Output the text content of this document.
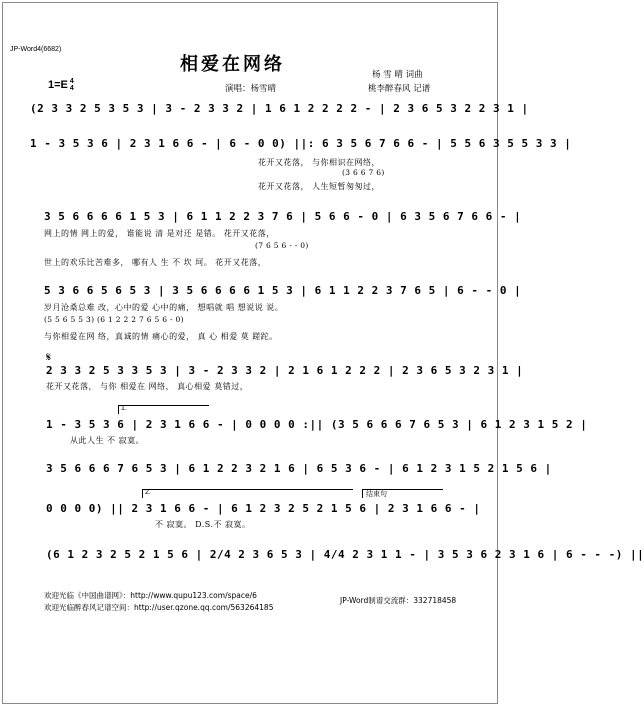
JP-Word4(6682)
相爱在网络	杨 雪 晴 词曲
桃李醉春风 记谱
演唱：杨雪晴
1=E 4
4
(2 3 3 2 5 3 5 3 | 3 - 2 3 3 2 | 1 6 1 2 2 2 2 - | 2 3 6 5 3 2 2 3 1 |
1 - 3 5 3 6 | 2 3 1 6 6 - | 6 - 0 0) ||: 6 3 5 6 7 6 6 - | 5 5 6 3 5 5 3 3 |
花开又花落， 与你相识在网络，
(3 6 6 7 6)
花开又花落， 人生短暂匆匆过，
3 5 6 6 6 6 1 5 3 | 6 1 1 2 2 3 7 6 | 5 6 6 - 0 | 6 3 5 6 7 6 6 - |
网上的情 网上的爱， 谁能说 清 是对还 是错。 花开又花落，
(7 6 5 6 - - 0)
世上的欢乐比苦难多， 哪有人 生 不 坎 坷。 花开又花落，
5 3 6 6 5 6 5 3 | 3 5 6 6 6 6 1 5 3 | 6 1 1 2 2 3 7 6 5 | 6 - - 0 |
岁月沧桑总难 改，心中的爱 心中的痛， 想唱就 唱 想说说 说。
(5 5 6 5 5 3) (6 1 2 2 2 7 6 5 6 - 0)
与你相爱在网 络，真诚的情 痛心的爱， 真 心 相爱 莫 蹉跎。
𝄋
2 3 3 2 5 3 3 5 3 | 3 - 2 3 3 2 | 2 1 6 1 2 2 2 | 2 3 6 5 3 2 3 1 |
花开又花落， 与你 相爱在 网络， 真心相爱 莫错过，
1.
1 - 3 5 3 6 | 2 3 1 6 6 - | 0 0 0 0 :|| (3 5 6 6 6 7 6 5 3 | 6 1 2 3 1 5 2 |
从此人生 不 寂寞。
3 5 6 6 6 7 6 5 3 | 6 1 2 2 3 2 1 6 | 6 5 3 6 - | 6 1 2 3 1 5 2 1 5 6 |
2.	结束句
0 0 0 0) || 2 3 1 6 6 - | 6 1 2 3 2 5 2 1 5 6 | 2 3 1 6 6 - |
不 寂寞。 D.S.不 寂寞。
(6 1 2 3 2 5 2 1 5 6 | 2/4 2 3 6 5 3 | 4/4 2 3 1 1 - | 3 5 3 6 2 3 1 6 | 6 - - -) ||
欢迎光临《中国曲谱网》：http://www.qupu123.com/space/6
欢迎光临醉春风记谱空间：http://user.qzone.qq.com/563264185
JP-Word制谱交流群：332718458
